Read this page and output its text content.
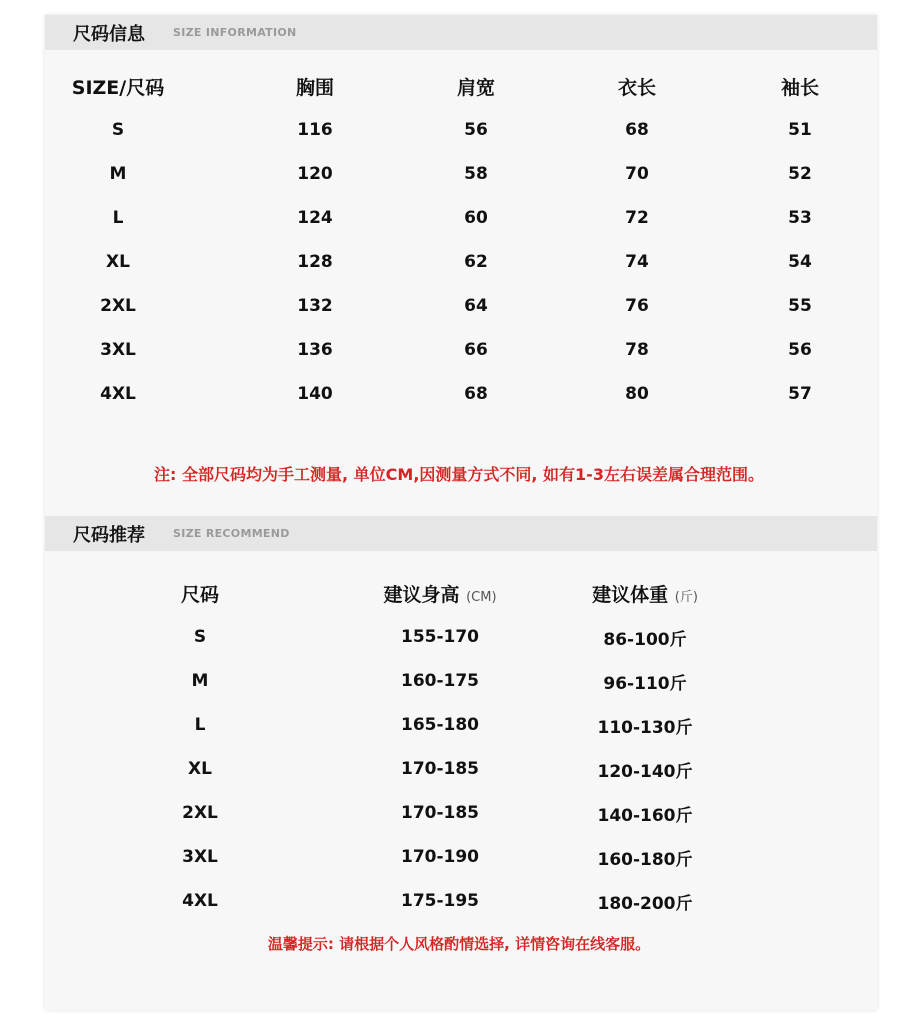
尺码信息	SIZE INFORMATION
SIZE/尺码	胸围	肩宽	衣长	袖长
S	116	56	68	51
M	120	58	70	52
L	124	60	72	53
XL	128	62	74	54
2XL	132	64	76	55
3XL	136	66	78	56
4XL	140	68	80	57
注: 全部尺码均为手工测量, 单位CM,因测量方式不同, 如有1-3左右误差属合理范围。
尺码推荐	SIZE RECOMMEND
尺码	建议身高 (CM)	建议体重 (斤)
S	155-170	86-100斤
M	160-175	96-110斤
L	165-180	110-130斤
XL	170-185	120-140斤
2XL	170-185	140-160斤
3XL	170-190	160-180斤
4XL	175-195	180-200斤
温馨提示: 请根据个人风格酌情选择, 详情咨询在线客服。
